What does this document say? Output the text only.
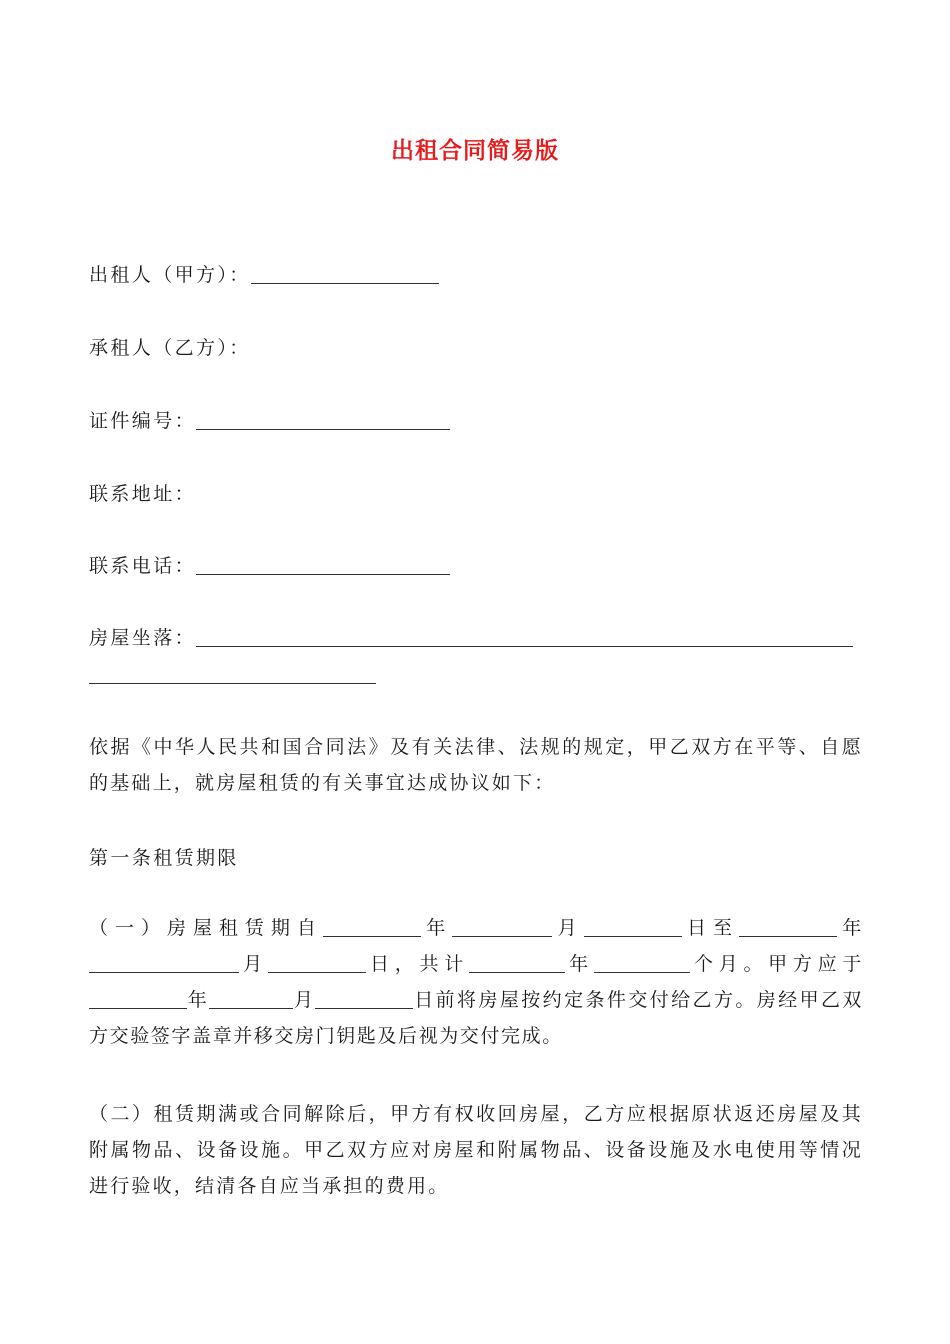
出租合同简易版
出租人（甲方）：
承租人（乙方）：
证件编号：
联系地址：
联系电话：
房屋坐落：
依据《中华人民共和国合同法》及有关法律、法规的规定，甲乙双方在平等、自愿的基础上，就房屋租赁的有关事宜达成协议如下：
第一条租赁期限
（一）房屋租赁期自	年	月	日至	年月	日，共计	年	个月。甲方应于年	月	日前将房屋按约定条件交付给乙方。房经甲乙双方交验签字盖章并移交房门钥匙及后视为交付完成。
（二）租赁期满或合同解除后，甲方有权收回房屋，乙方应根据原状返还房屋及其附属物品、设备设施。甲乙双方应对房屋和附属物品、设备设施及水电使用等情况进行验收，结清各自应当承担的费用。
